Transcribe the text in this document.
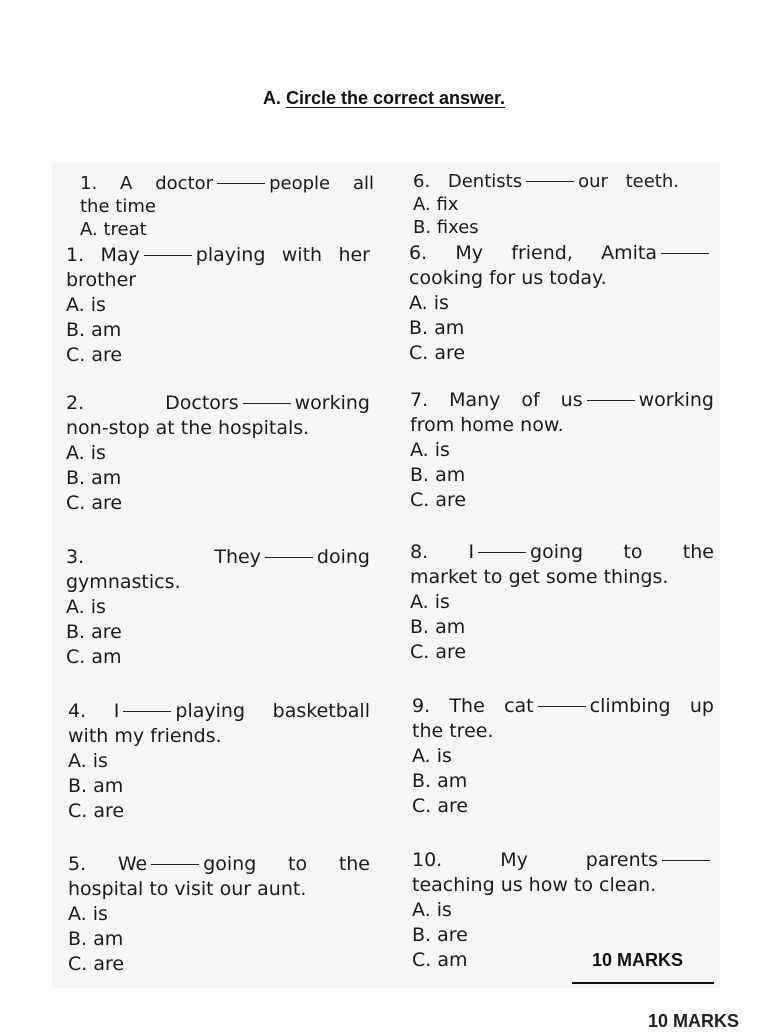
A. Circle the correct answer.
1. A doctor	people all
the time
A. treat
6. Dentists	our teeth.
A. fix
B. fixes
1. May	playing with her
brother
A. is
B. am
C. are
2. Doctors	working
non-stop at the hospitals.
A. is
B. am
C. are
3. They	doing
gymnastics.
A. is
B. are
C. am
4. I	playing basketball
with my friends.
A. is
B. am
C. are
5. We	going to the
hospital to visit our aunt.
A. is
B. am
C. are
6. My friend, Amita
cooking for us today.
A. is
B. am
C. are
7. Many of us	working
from home now.
A. is
B. am
C. are
8. I	going to the
market to get some things.
A. is
B. am
C. are
9. The cat	climbing up
the tree.
A. is
B. am
C. are
10. My parents
teaching us how to clean.
A. is
B. are
C. am	10 MARKS
10 MARKS
